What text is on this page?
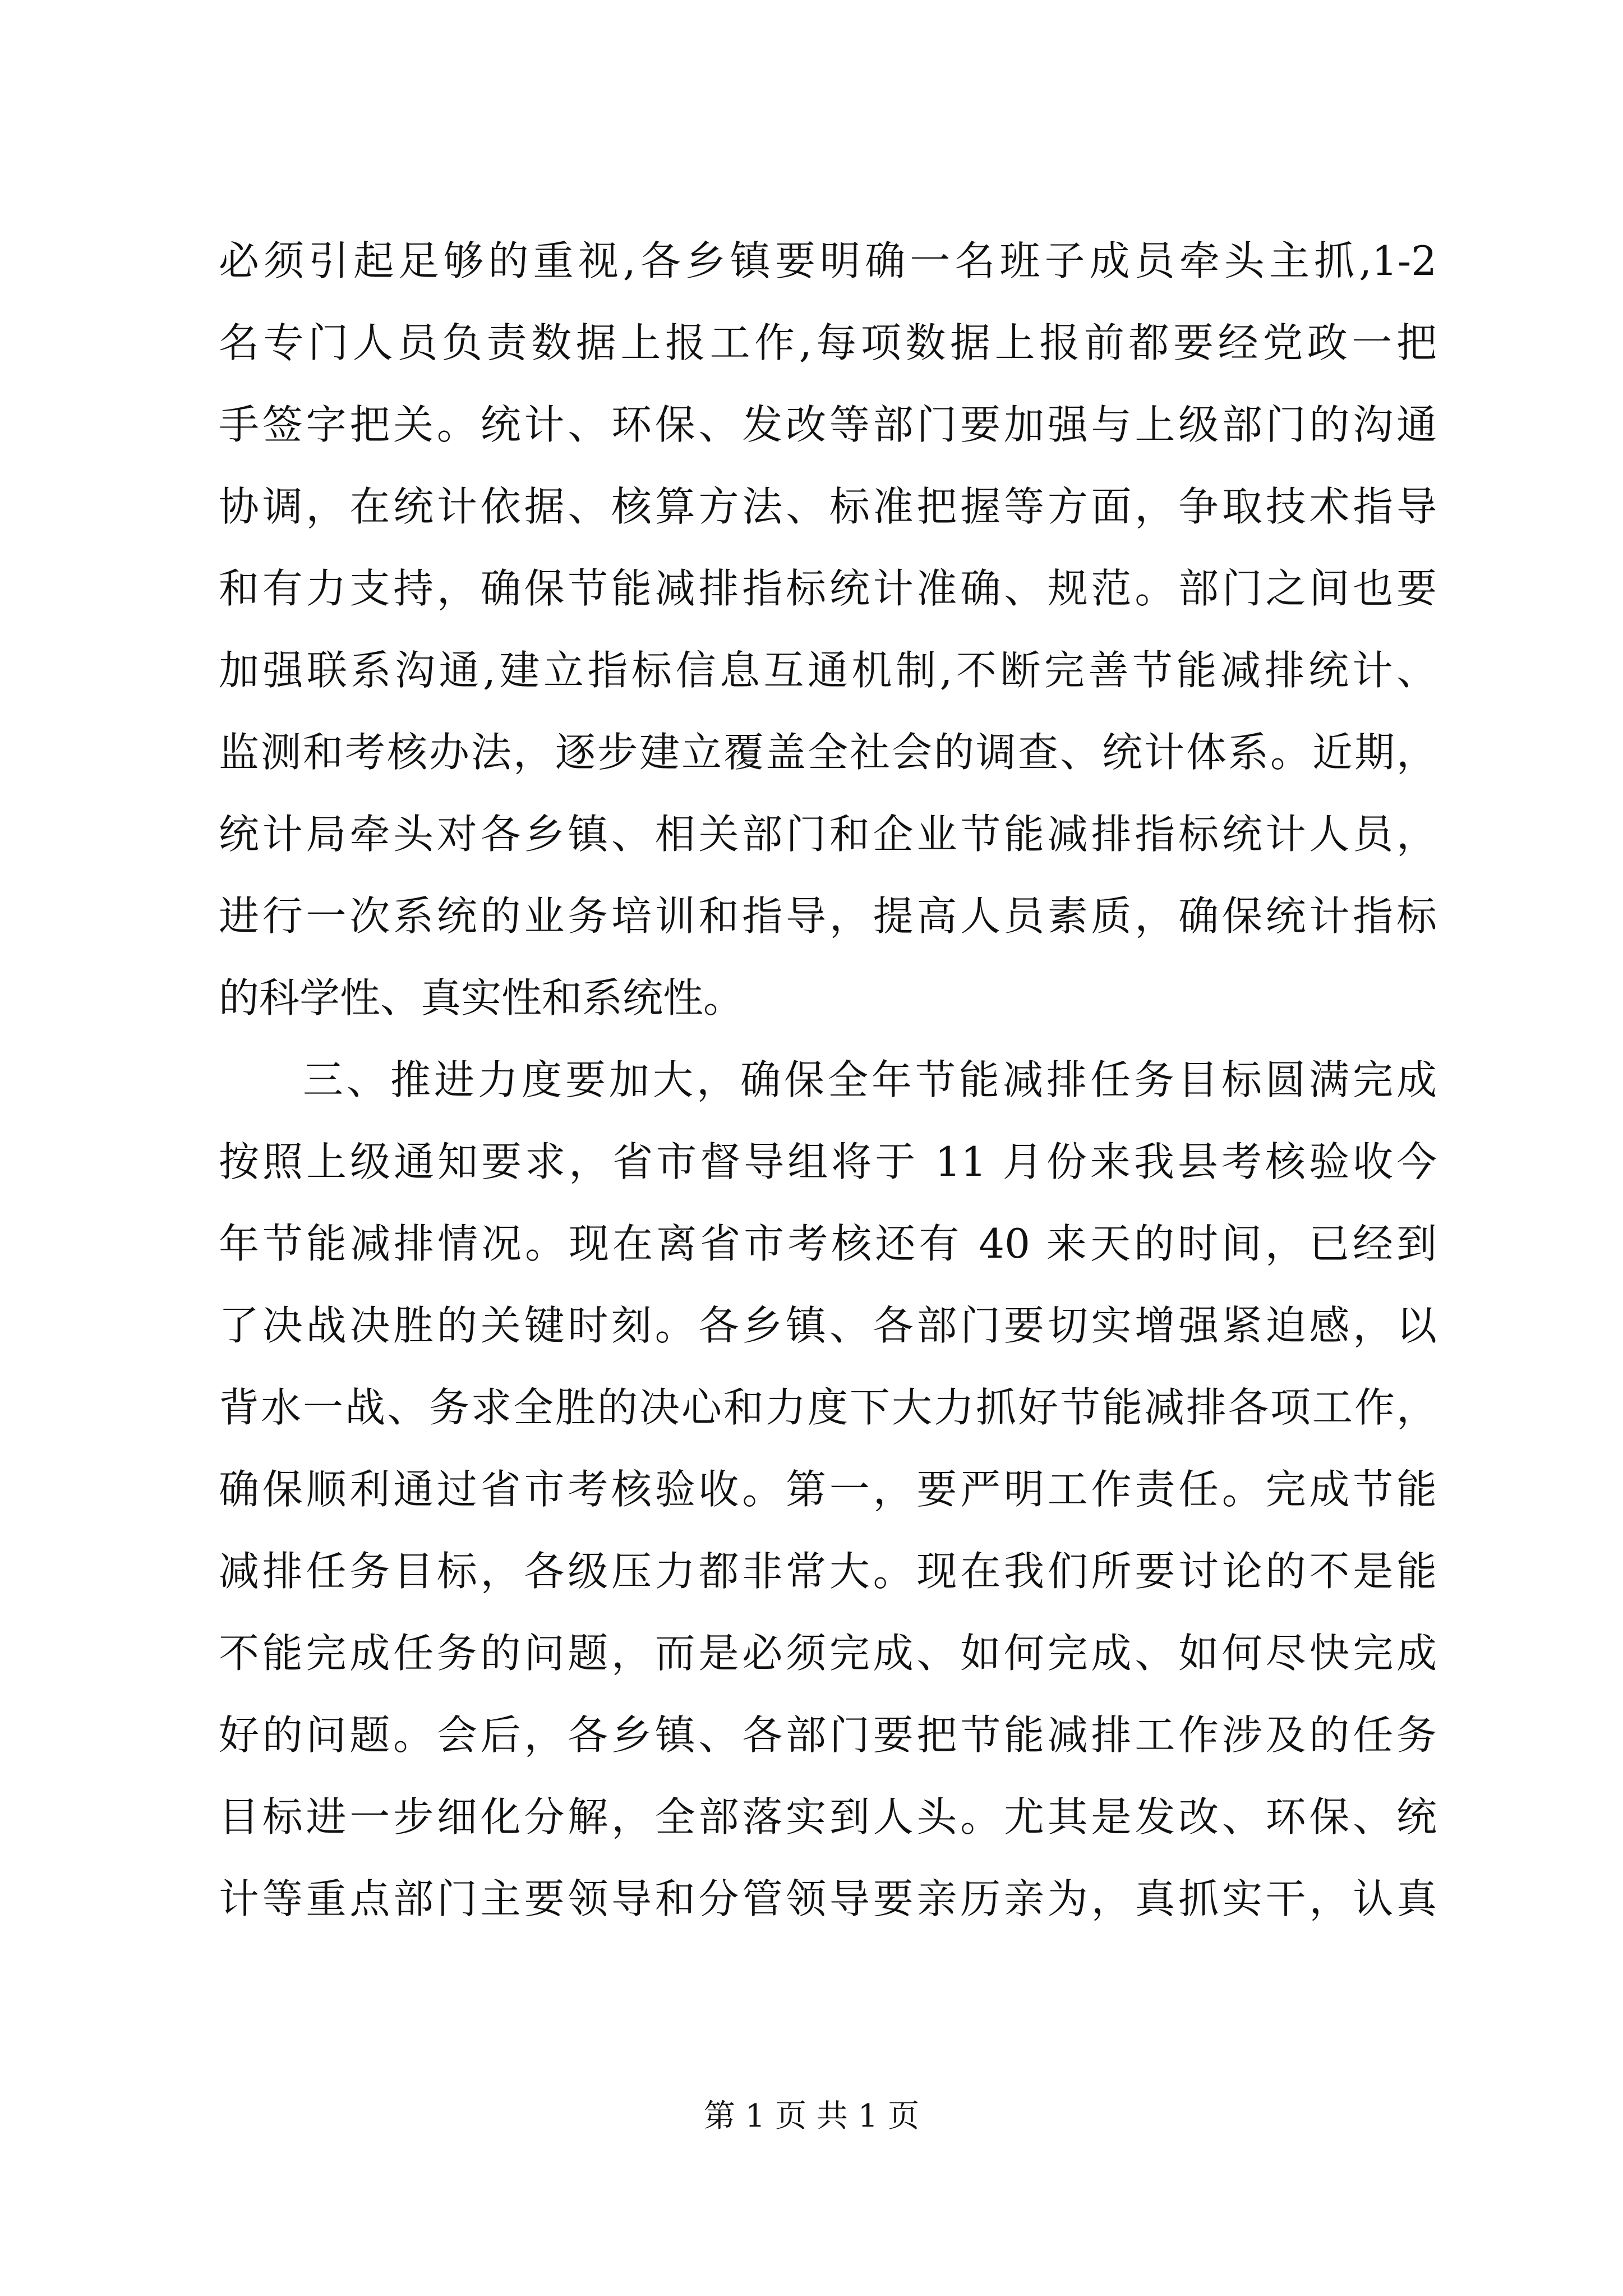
必须引起足够的重视,各乡镇要明确一名班子成员牵头主抓,1-2
名专门人员负责数据上报工作,每项数据上报前都要经党政一把
手签字把关。统计、环保、发改等部门要加强与上级部门的沟通
协调，在统计依据、核算方法、标准把握等方面，争取技术指导
和有力支持，确保节能减排指标统计准确、规范。部门之间也要
加强联系沟通,建立指标信息互通机制,不断完善节能减排统计、
监测和考核办法，逐步建立覆盖全社会的调查、统计体系。近期，
统计局牵头对各乡镇、相关部门和企业节能减排指标统计人员，
进行一次系统的业务培训和指导，提高人员素质，确保统计指标
的科学性、真实性和系统性。
三、推进力度要加大，确保全年节能减排任务目标圆满完成
按照上级通知要求，省市督导组将于 11 月份来我县考核验收今
年节能减排情况。现在离省市考核还有 40 来天的时间，已经到
了决战决胜的关键时刻。各乡镇、各部门要切实增强紧迫感，以
背水一战、务求全胜的决心和力度下大力抓好节能减排各项工作，
确保顺利通过省市考核验收。第一，要严明工作责任。完成节能
减排任务目标，各级压力都非常大。现在我们所要讨论的不是能
不能完成任务的问题，而是必须完成、如何完成、如何尽快完成
好的问题。会后，各乡镇、各部门要把节能减排工作涉及的任务
目标进一步细化分解，全部落实到人头。尤其是发改、环保、统
计等重点部门主要领导和分管领导要亲历亲为，真抓实干，认真
第 1 页 共 1 页
